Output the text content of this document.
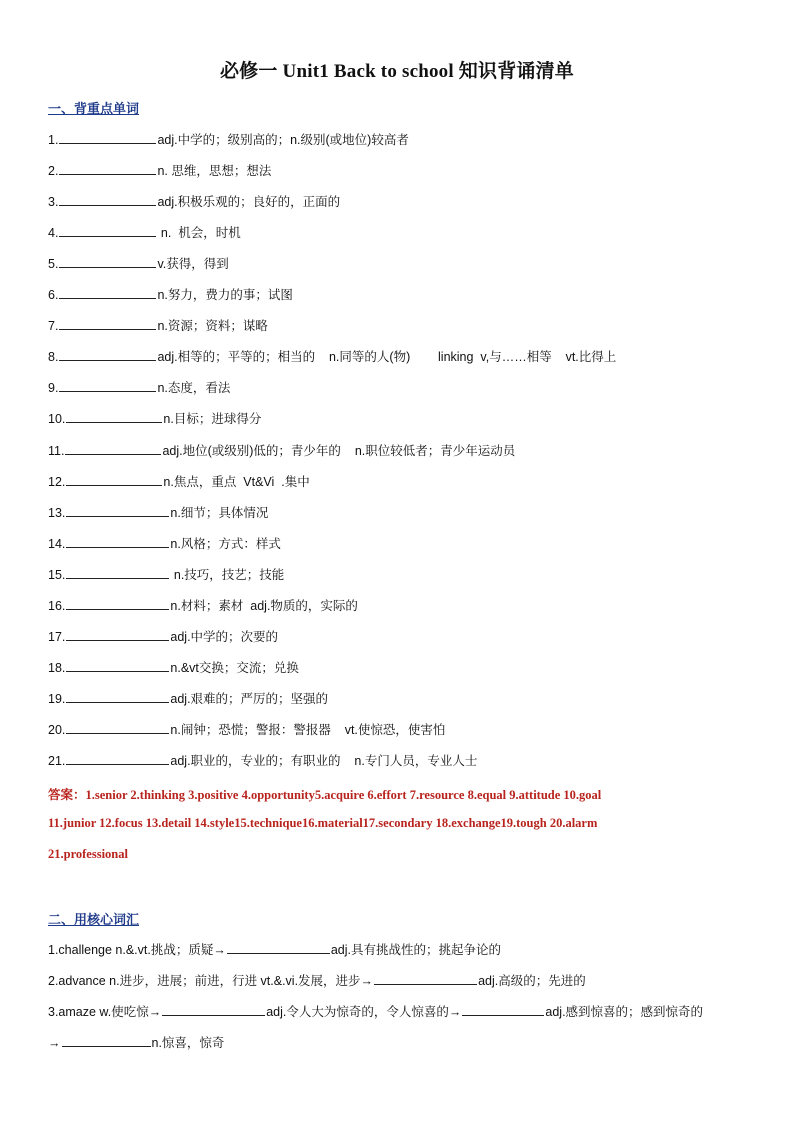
必修一 Unit1 Back to school 知识背诵清单
一、背重点单词
1.	adj.中学的；级别高的；n.级别(或地位)较高者
2.	n. 思维，思想；想法
3.	adj.积极乐观的；良好的，正面的
4.	n.  机会，时机
5.	v.获得，得到
6.	n.努力，费力的事；试图
7.	n.资源；资料；谋略
8.	adj.相等的；平等的；相当的    n.同等的人(物)        linking  v,与……相等    vt.比得上
9.	n.态度，看法
10.	n.目标；进球得分
11.	adj.地位(或级别)低的；青少年的    n.职位较低者；青少年运动员
12.	n.焦点，重点  Vt&Vi  .集中
13.	n.细节；具体情况
14.	n.风格；方式：样式
15.	n.技巧，技艺；技能
16.	n.材料；素材  adj.物质的，实际的
17.	adj.中学的；次要的
18.	n.&vt交换；交流；兑换
19.	adj.艰难的；严厉的；坚强的
20.	n.闹钟；恐慌；警报：警报器    vt.使惊恐，使害怕
21.	adj.职业的，专业的；有职业的    n.专门人员，专业人士
答案：1.senior 2.thinking 3.positive 4.opportunity5.acquire 6.effort 7.resource 8.equal 9.attitude 10.goal
11.junior 12.focus 13.detail 14.style15.technique16.material17.secondary 18.exchange19.tough 20.alarm
21.professional
二、用核心词汇
1.challenge n.&.vt.挑战；质疑→	adj.具有挑战性的；挑起争论的
2.advance n.进步，进展；前进，行进 vt.&.vi.发展，进步→	adj.高级的；先进的
3.amaze w.使吃惊→	adj.令人大为惊奇的，令人惊喜的→	adj.感到惊喜的；感到惊奇的
→	n.惊喜，惊奇
